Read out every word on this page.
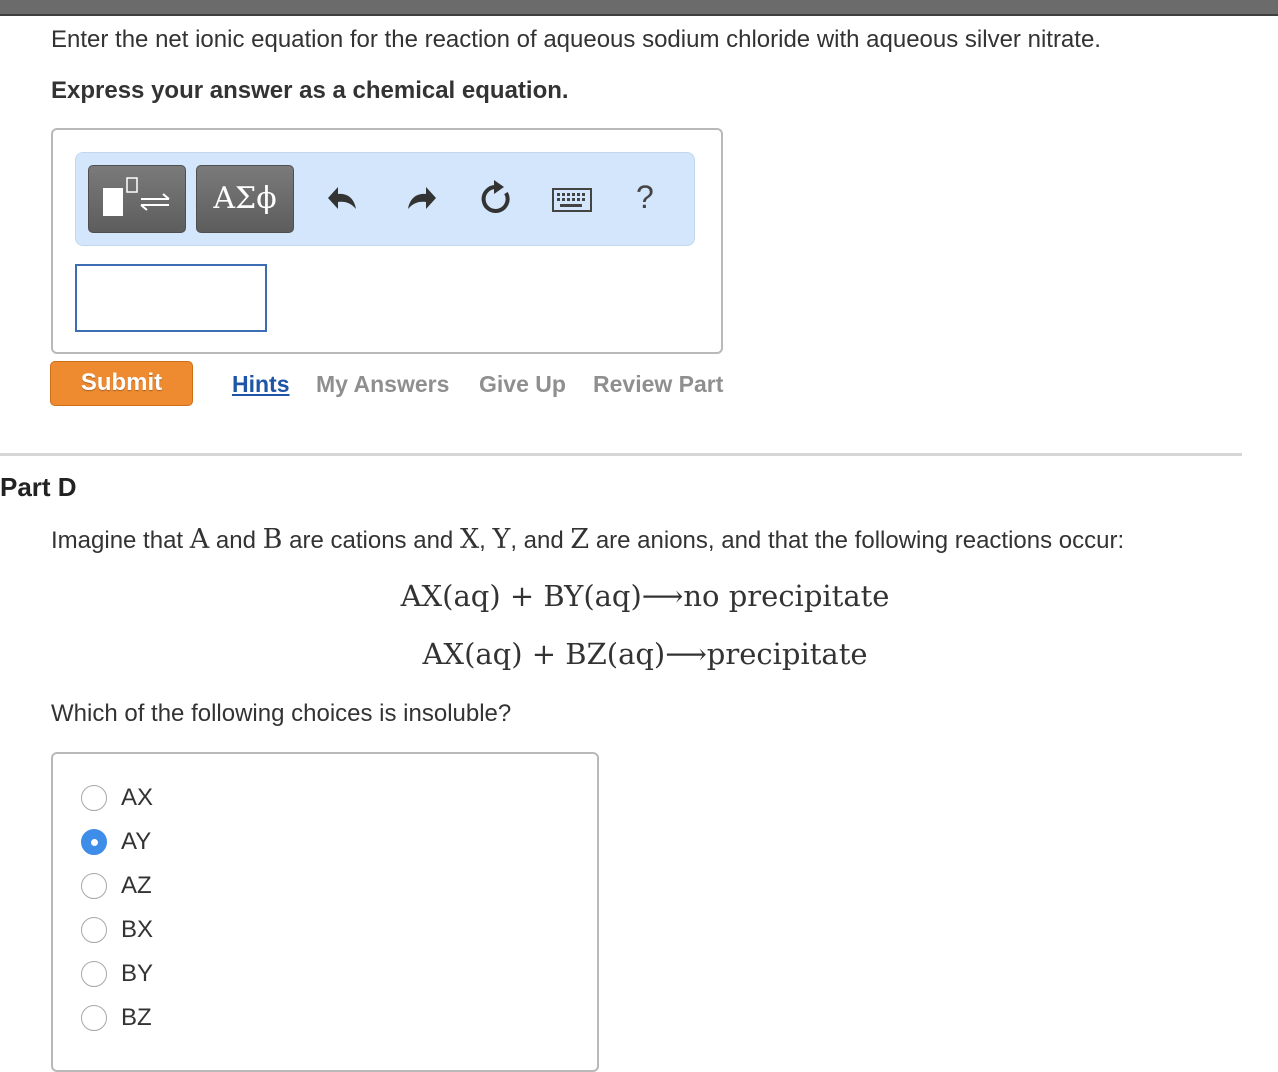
Enter the net ionic equation for the reaction of aqueous sodium chloride with aqueous silver nitrate.
Express your answer as a chemical equation.
ΑΣϕ	?
Submit	Hints My Answers Give Up Review Part
Part D
Imagine that A and B are cations and X, Y, and Z are anions, and that the following reactions occur:
AX(aq) + BY(aq)⟶no precipitate
AX(aq) + BZ(aq)⟶precipitate
Which of the following choices is insoluble?
AX
AY
AZ
BX
BY
BZ
